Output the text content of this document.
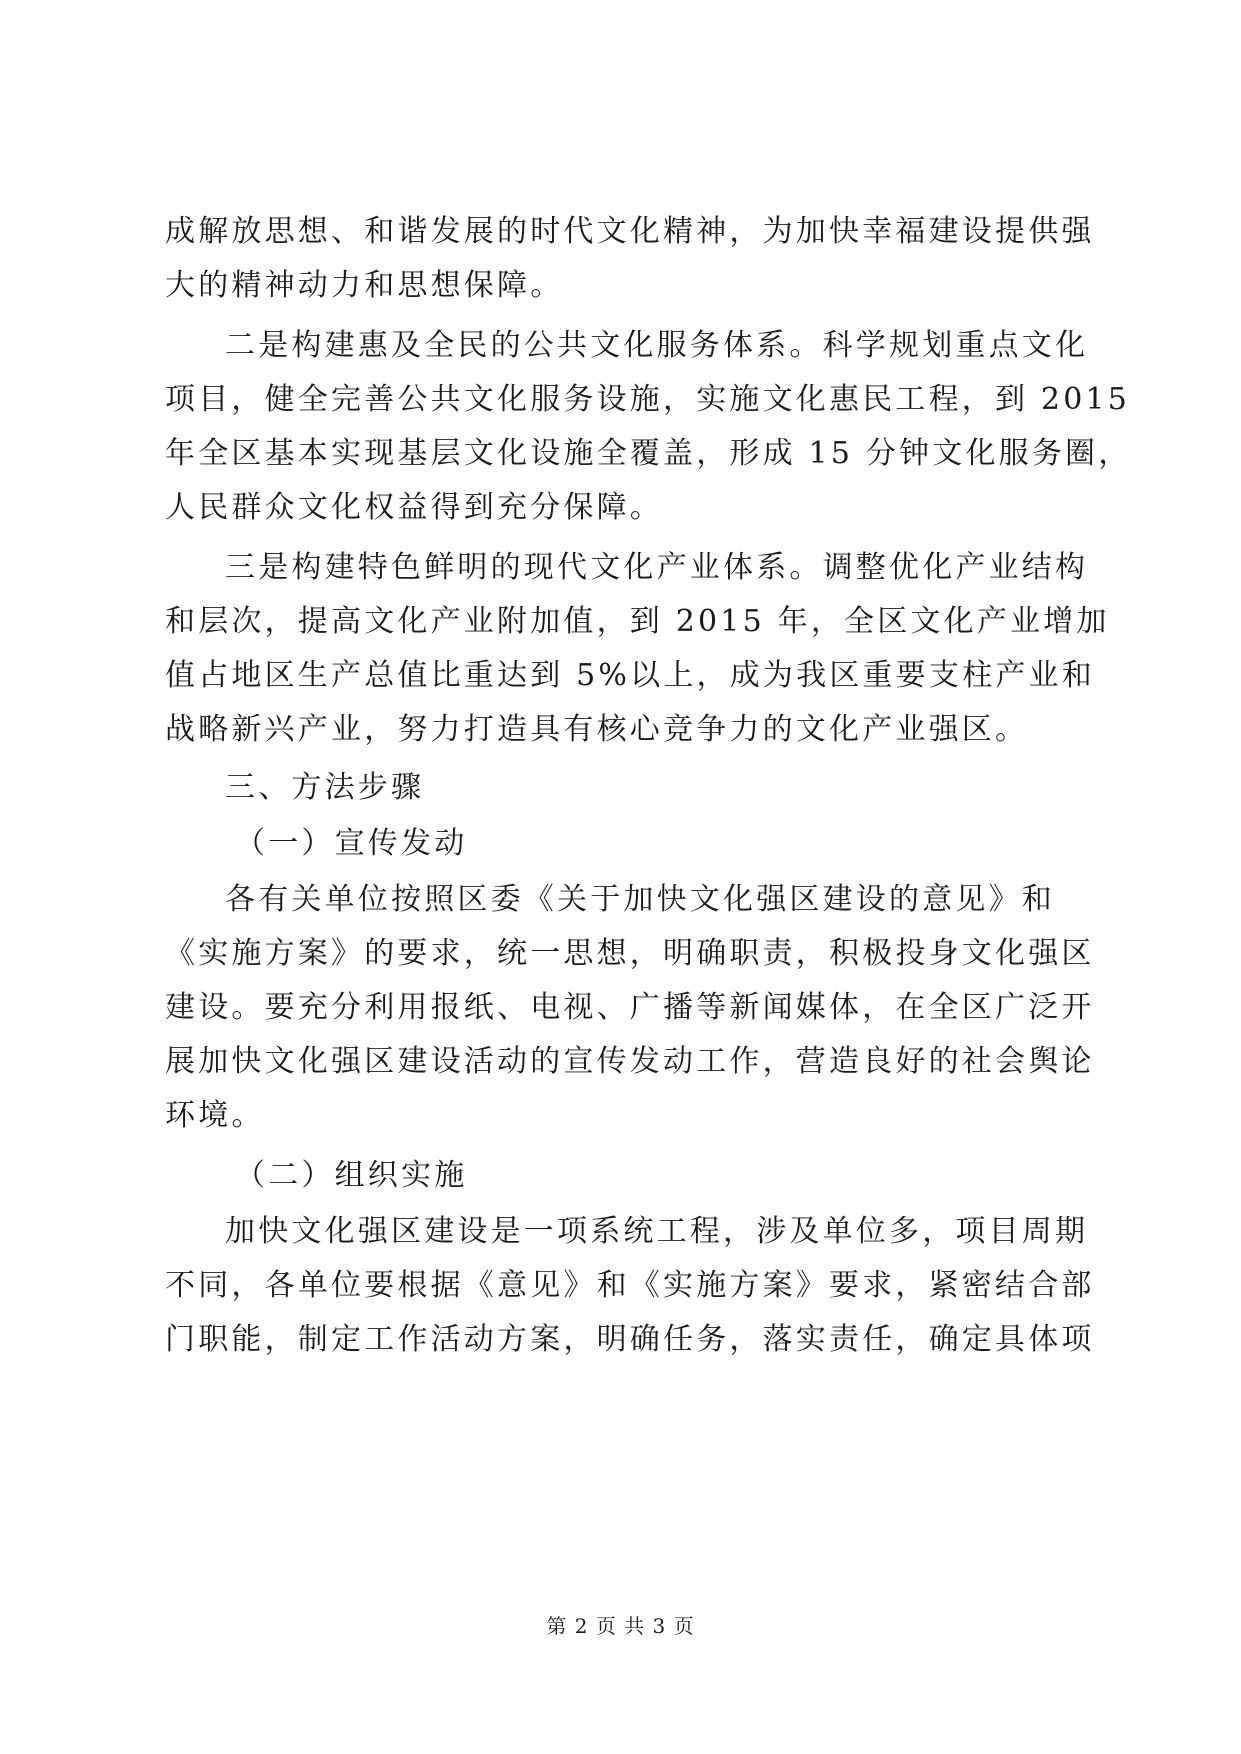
成解放思想、和谐发展的时代文化精神，为加快幸福建设提供强
大的精神动力和思想保障。
二是构建惠及全民的公共文化服务体系。科学规划重点文化
项目，健全完善公共文化服务设施，实施文化惠民工程，到 2015
年全区基本实现基层文化设施全覆盖，形成 15 分钟文化服务圈，
人民群众文化权益得到充分保障。
三是构建特色鲜明的现代文化产业体系。调整优化产业结构
和层次，提高文化产业附加值，到 2015 年，全区文化产业增加
值占地区生产总值比重达到 5%以上，成为我区重要支柱产业和
战略新兴产业，努力打造具有核心竞争力的文化产业强区。
三、方法步骤
（一）宣传发动
各有关单位按照区委《关于加快文化强区建设的意见》和
《实施方案》的要求，统一思想，明确职责，积极投身文化强区
建设。要充分利用报纸、电视、广播等新闻媒体，在全区广泛开
展加快文化强区建设活动的宣传发动工作，营造良好的社会舆论
环境。
（二）组织实施
加快文化强区建设是一项系统工程，涉及单位多，项目周期
不同，各单位要根据《意见》和《实施方案》要求，紧密结合部
门职能，制定工作活动方案，明确任务，落实责任，确定具体项
第 2 页 共 3 页
